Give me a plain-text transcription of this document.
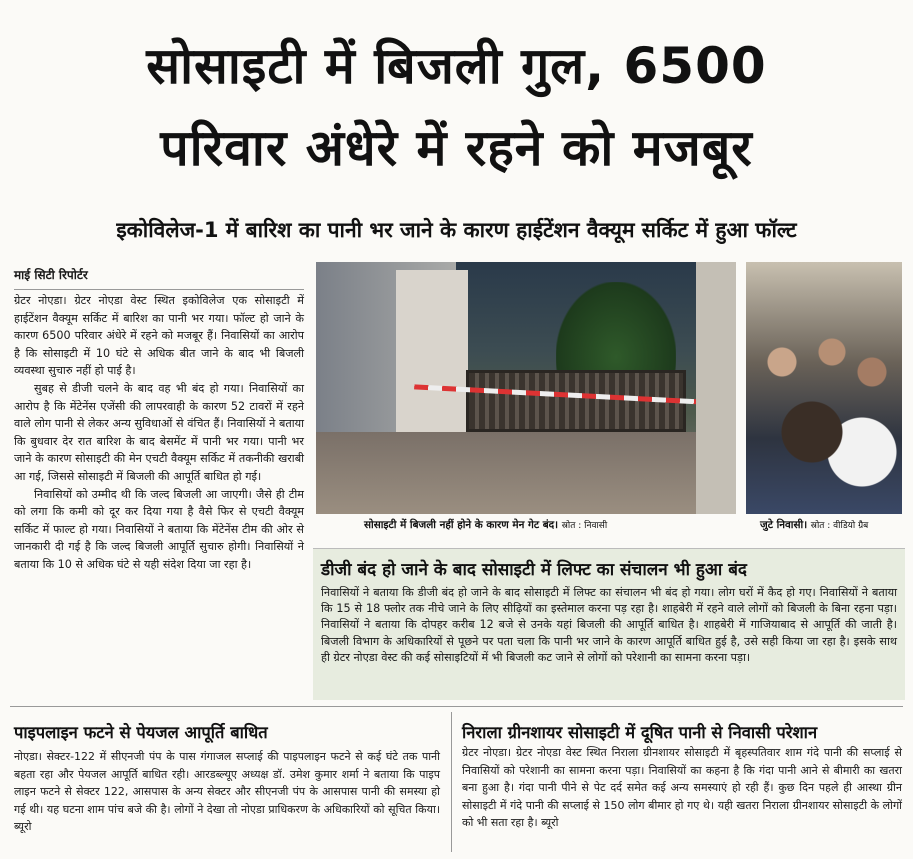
सोसाइटी में बिजली गुल, 6500
परिवार अंधेरे में रहने को मजबूर
इकोविलेज-1 में बारिश का पानी भर जाने के कारण हाईटेंशन वैक्यूम सर्किट में हुआ फॉल्ट
माई सिटी रिपोर्टर

ग्रेटर नोएडा। ग्रेटर नोएडा वेस्ट स्थित इकोविलेज एक सोसाइटी में हाईटेंशन वैक्यूम सर्किट में बारिश का पानी भर गया। फॉल्ट हो जाने के कारण 6500 परिवार अंधेरे में रहने को मजबूर हैं। निवासियों का आरोप है कि सोसाइटी में 10 घंटे से अधिक बीत जाने के बाद भी बिजली व्यवस्था सुचारु नहीं हो पाई है।

सुबह से डीजी चलने के बाद वह भी बंद हो गया। निवासियों का आरोप है कि मेंटेनेंस एजेंसी की लापरवाही के कारण 52 टावरों में रहने वाले लोग पानी से लेकर अन्य सुविधाओं से वंचित हैं। निवासियों ने बताया कि बुधवार देर रात बारिश के बाद बेसमेंट में पानी भर गया। पानी भर जाने के कारण सोसाइटी की मेन एचटी वैक्यूम सर्किट में तकनीकी खराबी आ गई, जिससे सोसाइटी में बिजली की आपूर्ति बाधित हो गई।

निवासियों को उम्मीद थी कि जल्द बिजली आ जाएगी। जैसे ही टीम को लगा कि कमी को दूर कर दिया गया है वैसे फिर से एचटी वैक्यूम सर्किट में फाल्ट हो गया। निवासियों ने बताया कि मेंटेनेंस टीम की ओर से जानकारी दी गई है कि जल्द बिजली आपूर्ति सुचारु होगी। निवासियों ने बताया कि 10 से अधिक घंटे से यही संदेश दिया जा रहा है।

सोसाइटी में बिजली नहीं होने के कारण मेन गेट बंद। स्रोत : निवासी	जुटे निवासी। स्रोत : वीडियो ग्रैब
डीजी बंद हो जाने के बाद सोसाइटी में लिफ्ट का संचालन भी हुआ बंद
निवासियों ने बताया कि डीजी बंद हो जाने के बाद सोसाइटी में लिफ्ट का संचालन भी बंद हो गया। लोग घरों में कैद हो गए। निवासियों ने बताया कि 15 से 18 फ्लोर तक नीचे जाने के लिए सीढ़ियों का इस्तेमाल करना पड़ रहा है। शाहबेरी में रहने वाले लोगों को बिजली के बिना रहना पड़ा। निवासियों ने बताया कि दोपहर करीब 12 बजे से उनके यहां बिजली की आपूर्ति बाधित है। शाहबेरी में गाजियाबाद से आपूर्ति की जाती है। बिजली विभाग के अधिकारियों से पूछने पर पता चला कि पानी भर जाने के कारण आपूर्ति बाधित हुई है, उसे सही किया जा रहा है। इसके साथ ही ग्रेटर नोएडा वेस्ट की कई सोसाइटियों में भी बिजली कट जाने से लोगों को परेशानी का सामना करना पड़ा।
पाइपलाइन फटने से पेयजल आपूर्ति बाधित
नोएडा। सेक्टर-122 में सीएनजी पंप के पास गंगाजल सप्लाई की पाइपलाइन फटने से कई घंटे तक पानी बहता रहा और पेयजल आपूर्ति बाधित रही। आरडब्ल्यूए अध्यक्ष डॉ. उमेश कुमार शर्मा ने बताया कि पाइप लाइन फटने से सेक्टर 122, आसपास के अन्य सेक्टर और सीएनजी पंप के आसपास पानी की समस्या हो गई थी। यह घटना शाम पांच बजे की है। लोगों ने देखा तो नोएडा प्राधिकरण के अधिकारियों को सूचित किया। ब्यूरो
निराला ग्रीनशायर सोसाइटी में दूषित पानी से निवासी परेशान
ग्रेटर नोएडा। ग्रेटर नोएडा वेस्ट स्थित निराला ग्रीनशायर सोसाइटी में बृहस्पतिवार शाम गंदे पानी की सप्लाई से निवासियों को परेशानी का सामना करना पड़ा। निवासियों का कहना है कि गंदा पानी आने से बीमारी का खतरा बना हुआ है। गंदा पानी पीने से पेट दर्द समेत कई अन्य समस्याएं हो रही हैं। कुछ दिन पहले ही आस्था ग्रीन सोसाइटी में गंदे पानी की सप्लाई से 150 लोग बीमार हो गए थे। यही खतरा निराला ग्रीनशायर सोसाइटी के लोगों को भी सता रहा है। ब्यूरो
